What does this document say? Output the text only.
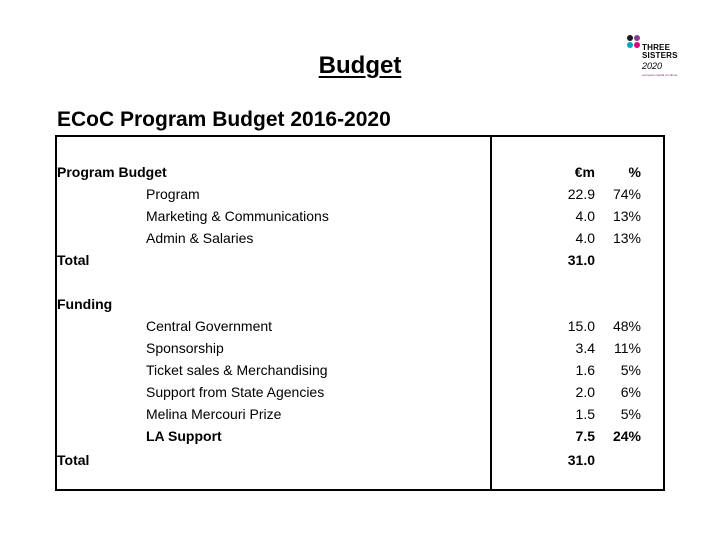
Budget
THREE
SISTERS
2020
european capital of culture
ECoC Program Budget 2016-2020
Program Budget	€m %
Program	22.9 74%
Marketing & Communications	4.0 13%
Admin & Salaries	4.0 13%
Total	31.0
Funding
Central Government	15.0 48%
Sponsorship	3.4 11%
Ticket sales & Merchandising	1.6 5%
Support from State Agencies	2.0 6%
Melina Mercouri Prize	1.5 5%
LA Support	7.5 24%
Total	31.0
